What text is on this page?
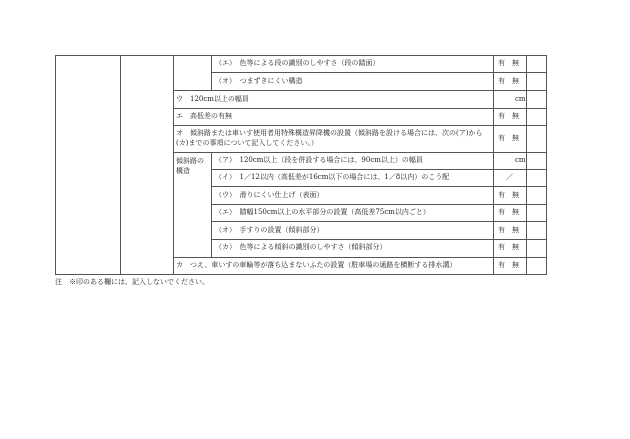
（エ）　色等による段の識別のしやすさ（段の踏面）
（オ）　つまずきにくい構造
ウ　120cm以上の幅員
エ　高低差の有無
オ　傾斜路または車いす使用者用特殊構造昇降機の設置（傾斜路を設ける場合には、次の(ア)から(カ)までの事項について記入してください。）
（ア）　120cm以上（段を併設する場合には、90cm以上）の幅員
（イ）　1／12以内（高低差が16cm以下の場合には、1／8以内）のこう配
（ウ）　滑りにくい仕上げ（表面）
（エ）　踏幅150cm以上の水平部分の設置（高低差75cm以内ごと）
（オ）　手すりの設置（傾斜部分）
（カ）　色等による傾斜の識別のしやすさ（傾斜部分）
カ　つえ、車いすの車輪等が落ち込まないふたの設置（駐車場の通路を横断する排水溝）
傾斜路の構造
有　無
有　無
cm
有　無
有　無
cm
／
有　無
有　無
有　無
有　無
有　無
注　※印のある欄には、記入しないでください。
